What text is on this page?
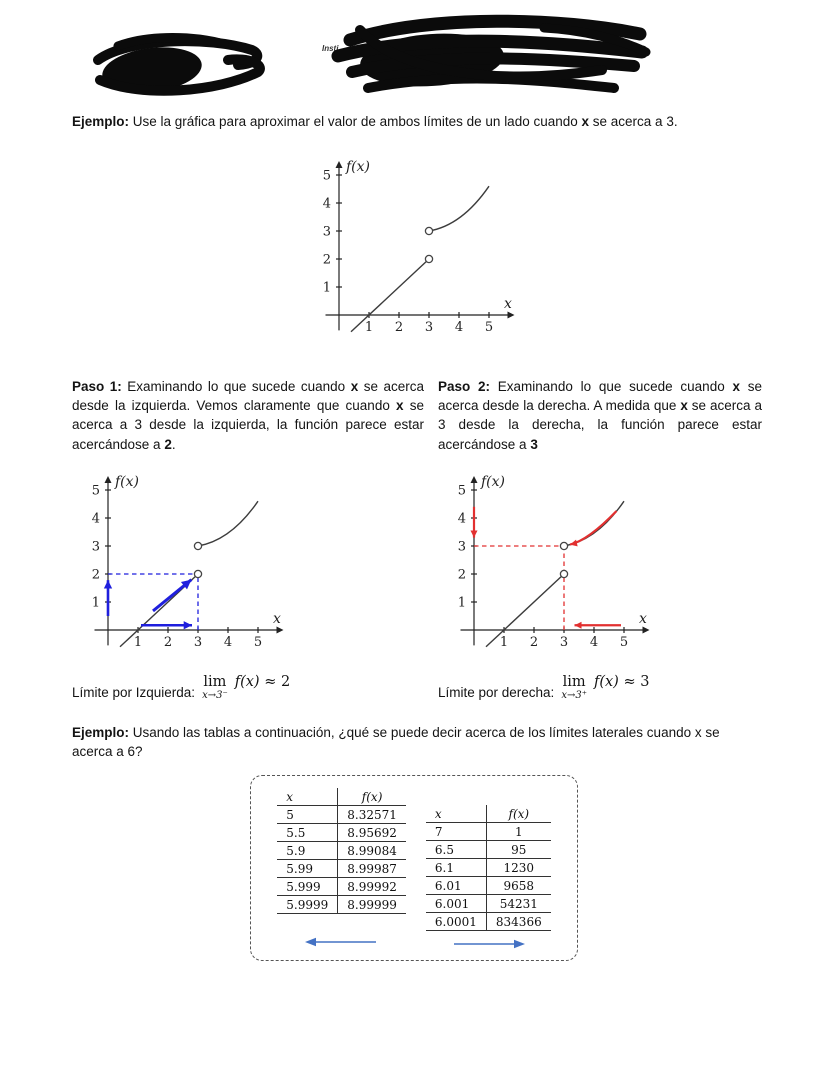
Insti

Ejemplo: Use la gráfica para aproximar el valor de ambos límites de un lado cuando x se acerca a 3.

1 2 3 4 5
1
2
3
4
5
f(x)
x

Paso 1: Examinando lo que sucede cuando x se acerca desde la izquierda. Vemos claramente que cuando x se acerca a 3 desde la izquierda, la función parece estar acercándose a 2.

1 2 3 4 5
1
2
3
4
5
f(x)
x
Límite por Izquierda:
lim
x→3⁻
f(x) ≈ 2

Paso 2: Examinando lo que sucede cuando x se acerca desde la derecha. A medida que x se acerca a 3 desde la derecha, la función parece estar acercándose a 3

1 2 3 4 5
1
2
3
4
5
f(x)
x
Límite por derecha:
lim
x→3⁺
f(x) ≈ 3

Ejemplo: Usando las tablas a continuación, ¿qué se puede decir acerca de los límites laterales cuando x se acerca a 6?

x	f(x)
5	8.32571
5.5	8.95692
5.9	8.99084
5.99	8.99987
5.999	8.99992
5.9999	8.99999
x	f(x)
7	1
6.5	95
6.1	1230
6.01	9658
6.001	54231
6.0001	834366
